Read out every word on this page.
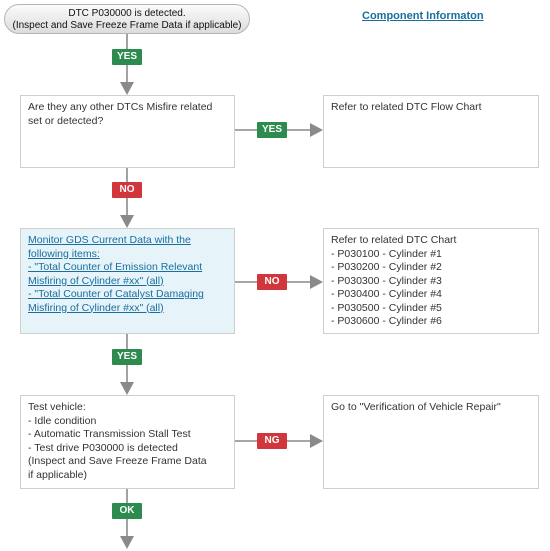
DTC P030000 is detected.
(Inspect and Save Freeze Frame Data if applicable)
Component Informaton
YES
Are they any other DTCs Misfire related
set or detected?
YES
Refer to related DTC Flow Chart
NO
Monitor GDS Current Data with the
following items:
- "Total Counter of Emission Relevant
Misfiring of Cylinder #xx" (all)
- "Total Counter of Catalyst Damaging
Misfiring of Cylinder #xx" (all)
NO
Refer to related DTC Chart
- P030100 - Cylinder #1
- P030200 - Cylinder #2
- P030300 - Cylinder #3
- P030400 - Cylinder #4
- P030500 - Cylinder #5
- P030600 - Cylinder #6
YES
Test vehicle:
- Idle condition
- Automatic Transmission Stall Test
- Test drive P030000 is detected
(Inspect and Save Freeze Frame Data
if applicable)
NG
Go to "Verification of Vehicle Repair"
OK
